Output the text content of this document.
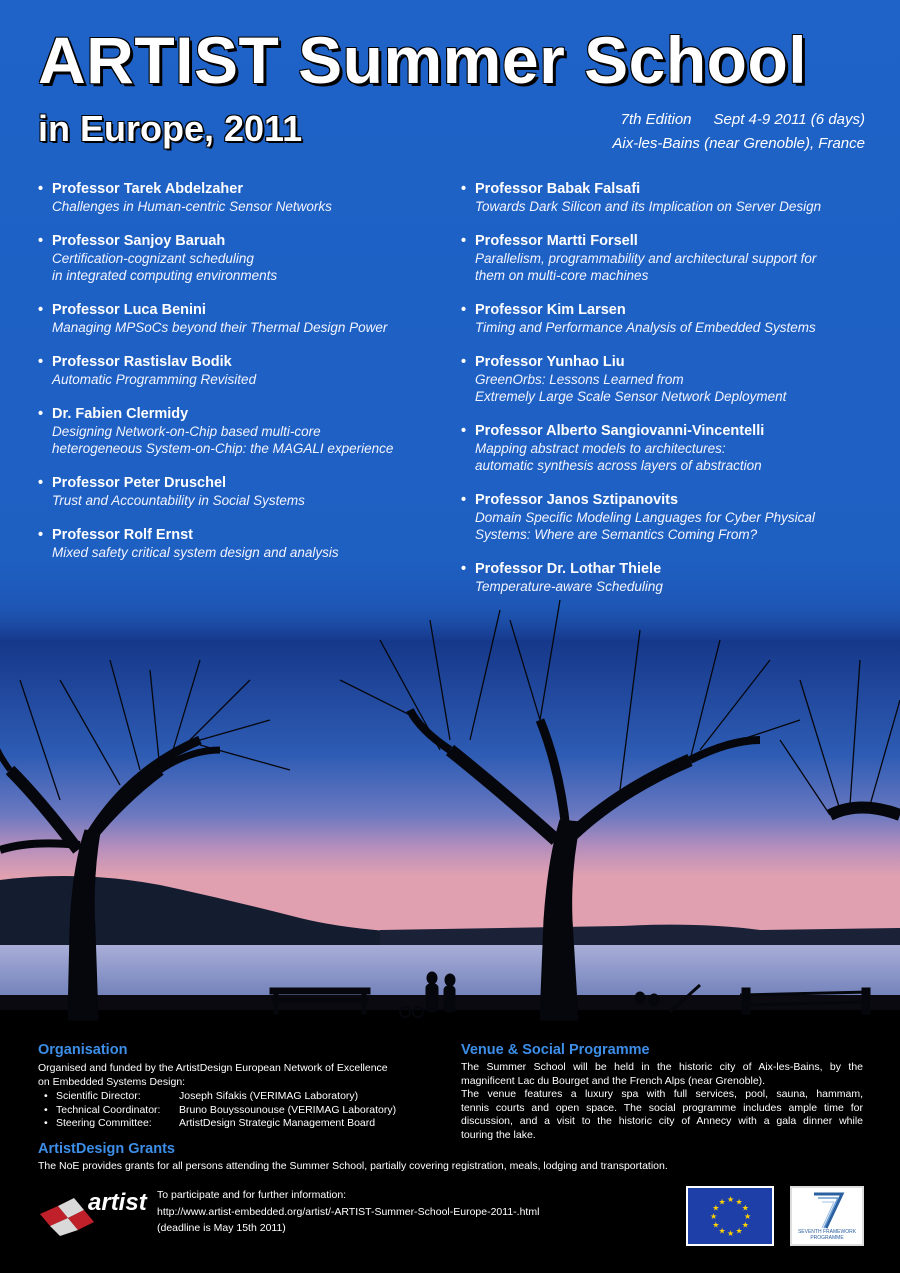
ARTIST Summer School
in Europe, 2011	7th Edition Sept 4-9 2011 (6 days)
Aix-les-Bains (near Grenoble), France
• Professor Tarek Abdelzaher
Challenges in Human-centric Sensor Networks
• Professor Sanjoy Baruah
Certification-cognizant scheduling
in integrated computing environments
• Professor Luca Benini
Managing MPSoCs beyond their Thermal Design Power
• Professor Rastislav Bodik
Automatic Programming Revisited
• Dr. Fabien Clermidy
Designing Network-on-Chip based multi-core
heterogeneous System-on-Chip: the MAGALI experience
• Professor Peter Druschel
Trust and Accountability in Social Systems
• Professor Rolf Ernst
Mixed safety critical system design and analysis
• Professor Babak Falsafi
Towards Dark Silicon and its Implication on Server Design
• Professor Martti Forsell
Parallelism, programmability and architectural support for
them on multi-core machines
• Professor Kim Larsen
Timing and Performance Analysis of Embedded Systems
• Professor Yunhao Liu
GreenOrbs: Lessons Learned from
Extremely Large Scale Sensor Network Deployment
• Professor Alberto Sangiovanni-Vincentelli
Mapping abstract models to architectures:
automatic synthesis across layers of abstraction
• Professor Janos Sztipanovits
Domain Specific Modeling Languages for Cyber Physical
Systems: Where are Semantics Coming From?
• Professor Dr. Lothar Thiele
Temperature-aware Scheduling
Organisation
Organised and funded by the ArtistDesign European Network of Excellence
on Embedded Systems Design:
• Scientific Director:	Joseph Sifakis (VERIMAG Laboratory)
• Technical Coordinator:	Bruno Bouyssounouse (VERIMAG Laboratory)
• Steering Committee:	ArtistDesign Strategic Management Board
ArtistDesign Grants
The NoE provides grants for all persons attending the Summer School, partially covering registration, meals, lodging and transportation.
Venue & Social Programme
The Summer School will be held in the historic city of Aix-les-Bains, by the
magnificent Lac du Bourget and the French Alps (near Grenoble).
The venue features a luxury spa with full services, pool, sauna, hammam,
tennis courts and open space. The social programme includes ample time for
discussion, and a visit to the historic city of Annecy with a gala dinner while
touring the lake.
artist To participate and for further information:
http://www.artist-embedded.org/artist/-ARTIST-Summer-School-Europe-2011-.html
(deadline is May 15th 2011)
★
★
★
★
★
★
★
★
★ ★ ★
★
SEVENTH FRAMEWORK PROGRAMME
